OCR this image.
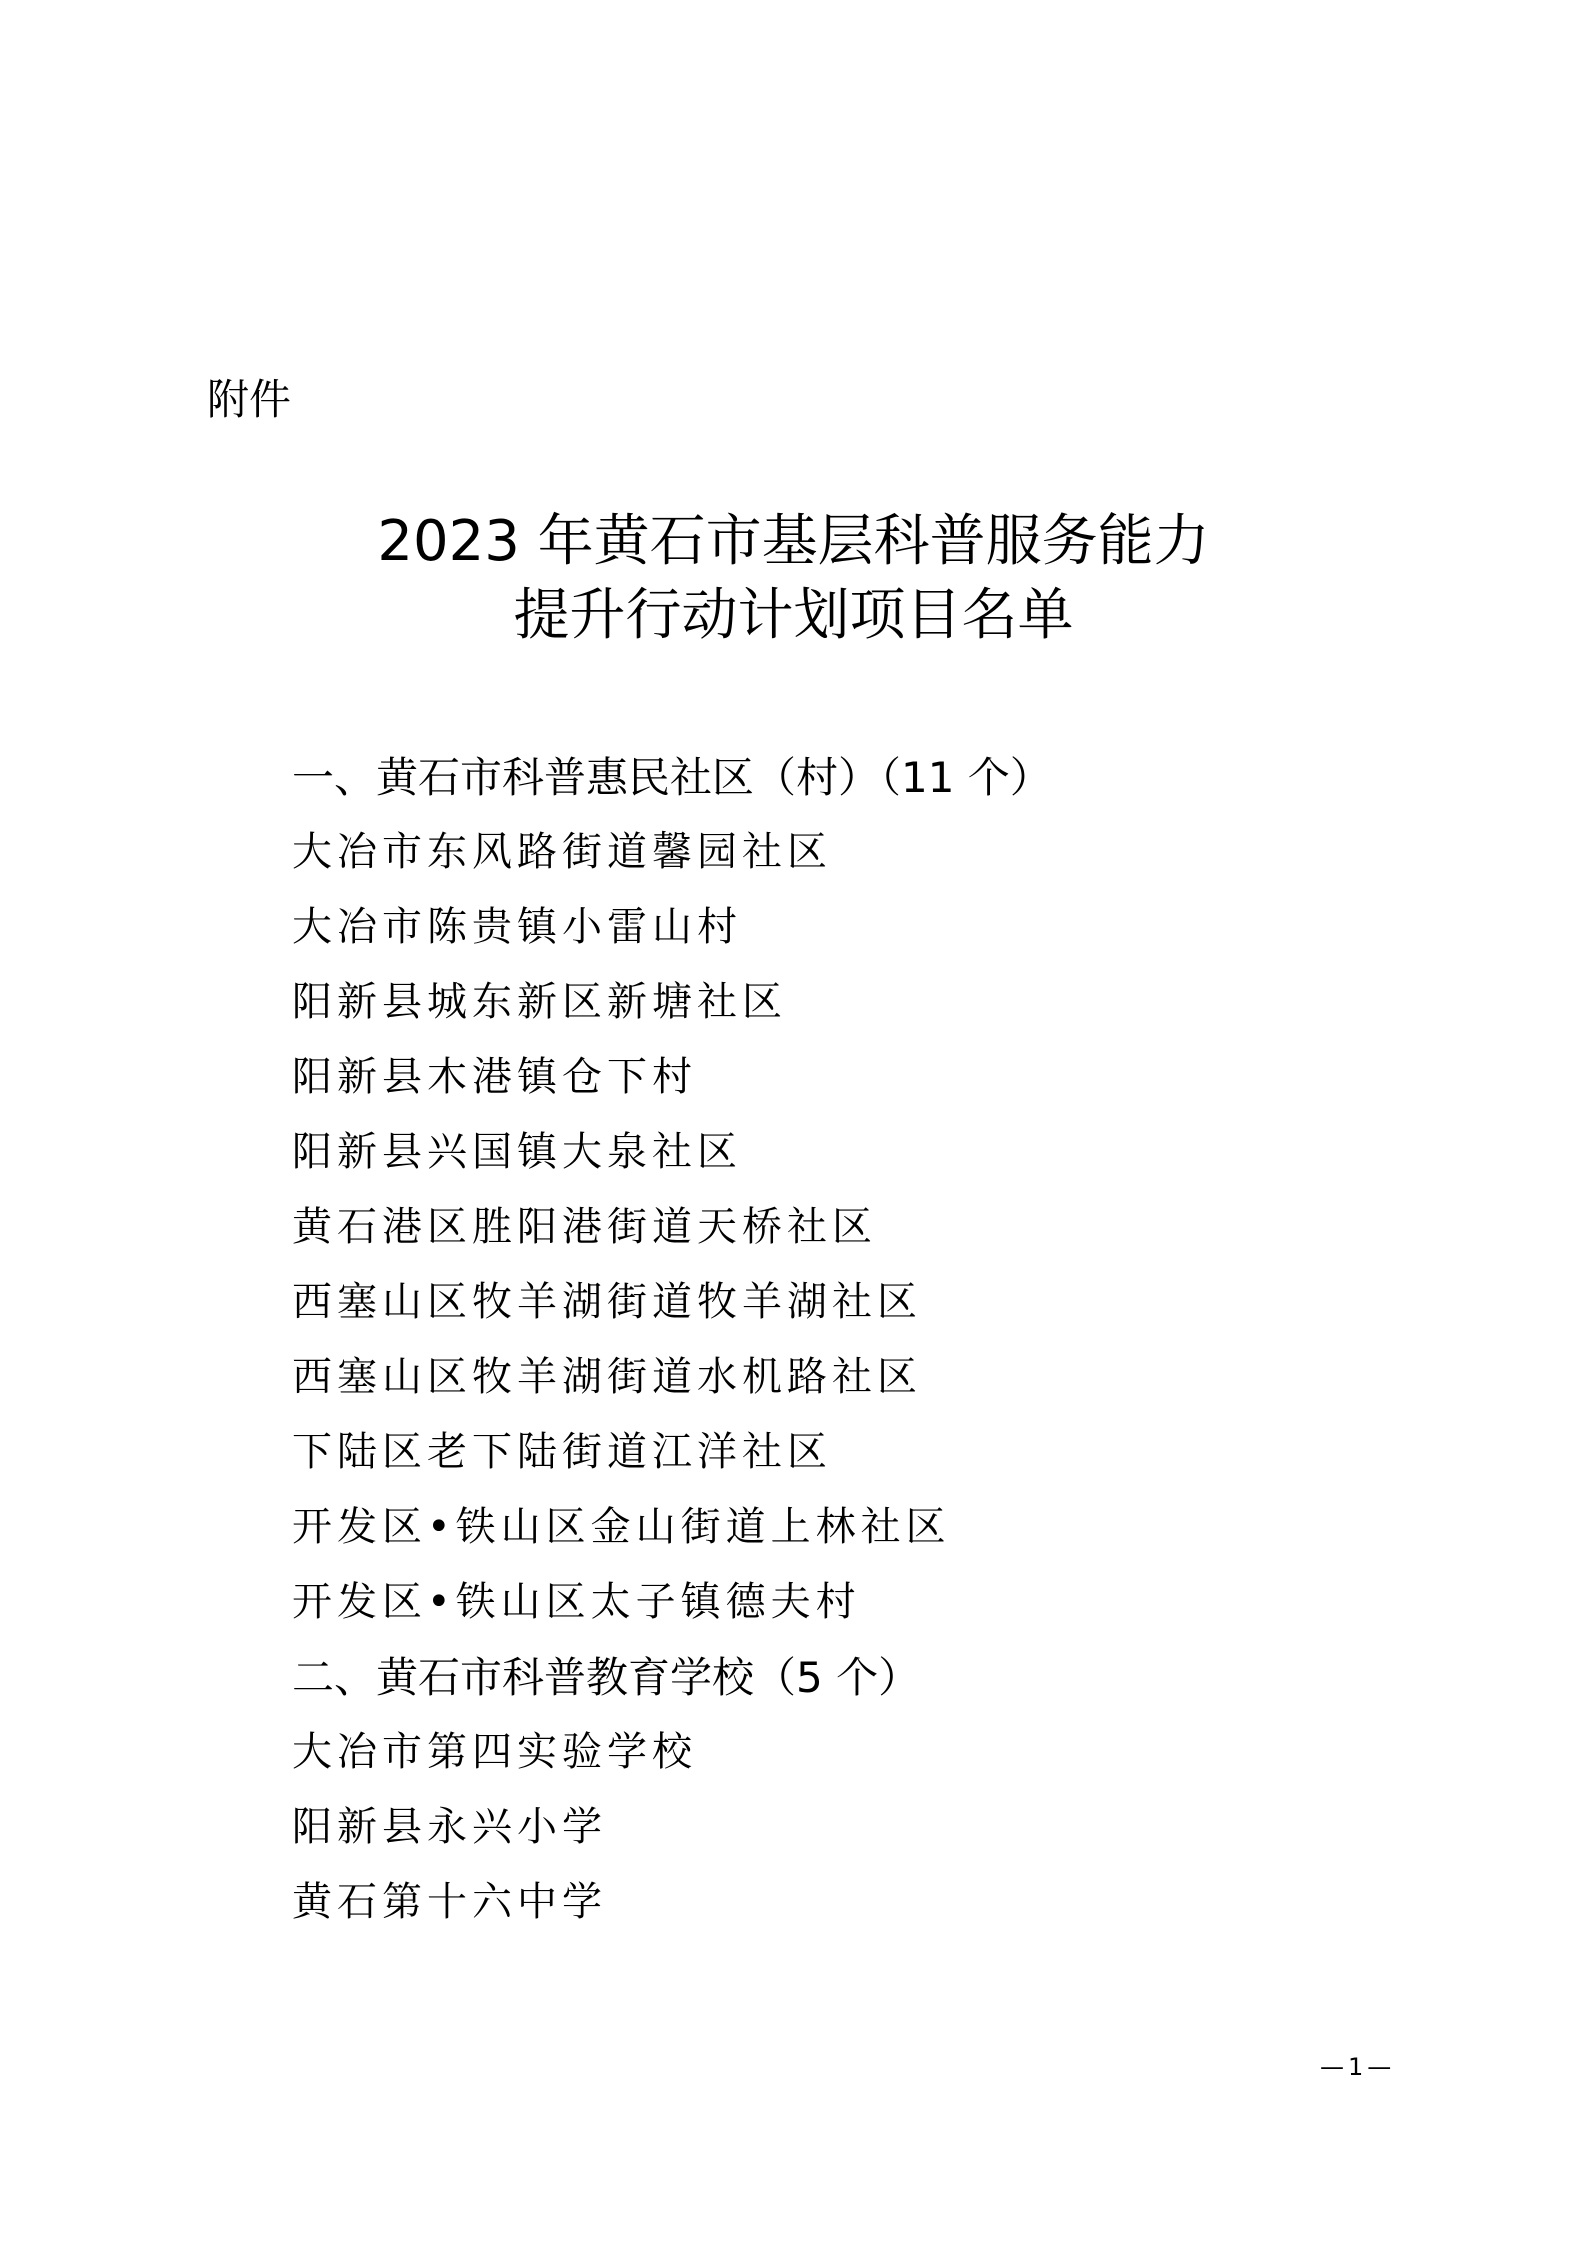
附件
2023 年黄石市基层科普服务能力
提升行动计划项目名单
一、黄石市科普惠民社区（村）（11 个）
大冶市东风路街道馨园社区
大冶市陈贵镇小雷山村
阳新县城东新区新塘社区
阳新县木港镇仓下村
阳新县兴国镇大泉社区
黄石港区胜阳港街道天桥社区
西塞山区牧羊湖街道牧羊湖社区
西塞山区牧羊湖街道水机路社区
下陆区老下陆街道江洋社区
开发区•铁山区金山街道上林社区
开发区•铁山区太子镇德夫村
二、黄石市科普教育学校（5 个）
大冶市第四实验学校
阳新县永兴小学
黄石第十六中学
—1—
